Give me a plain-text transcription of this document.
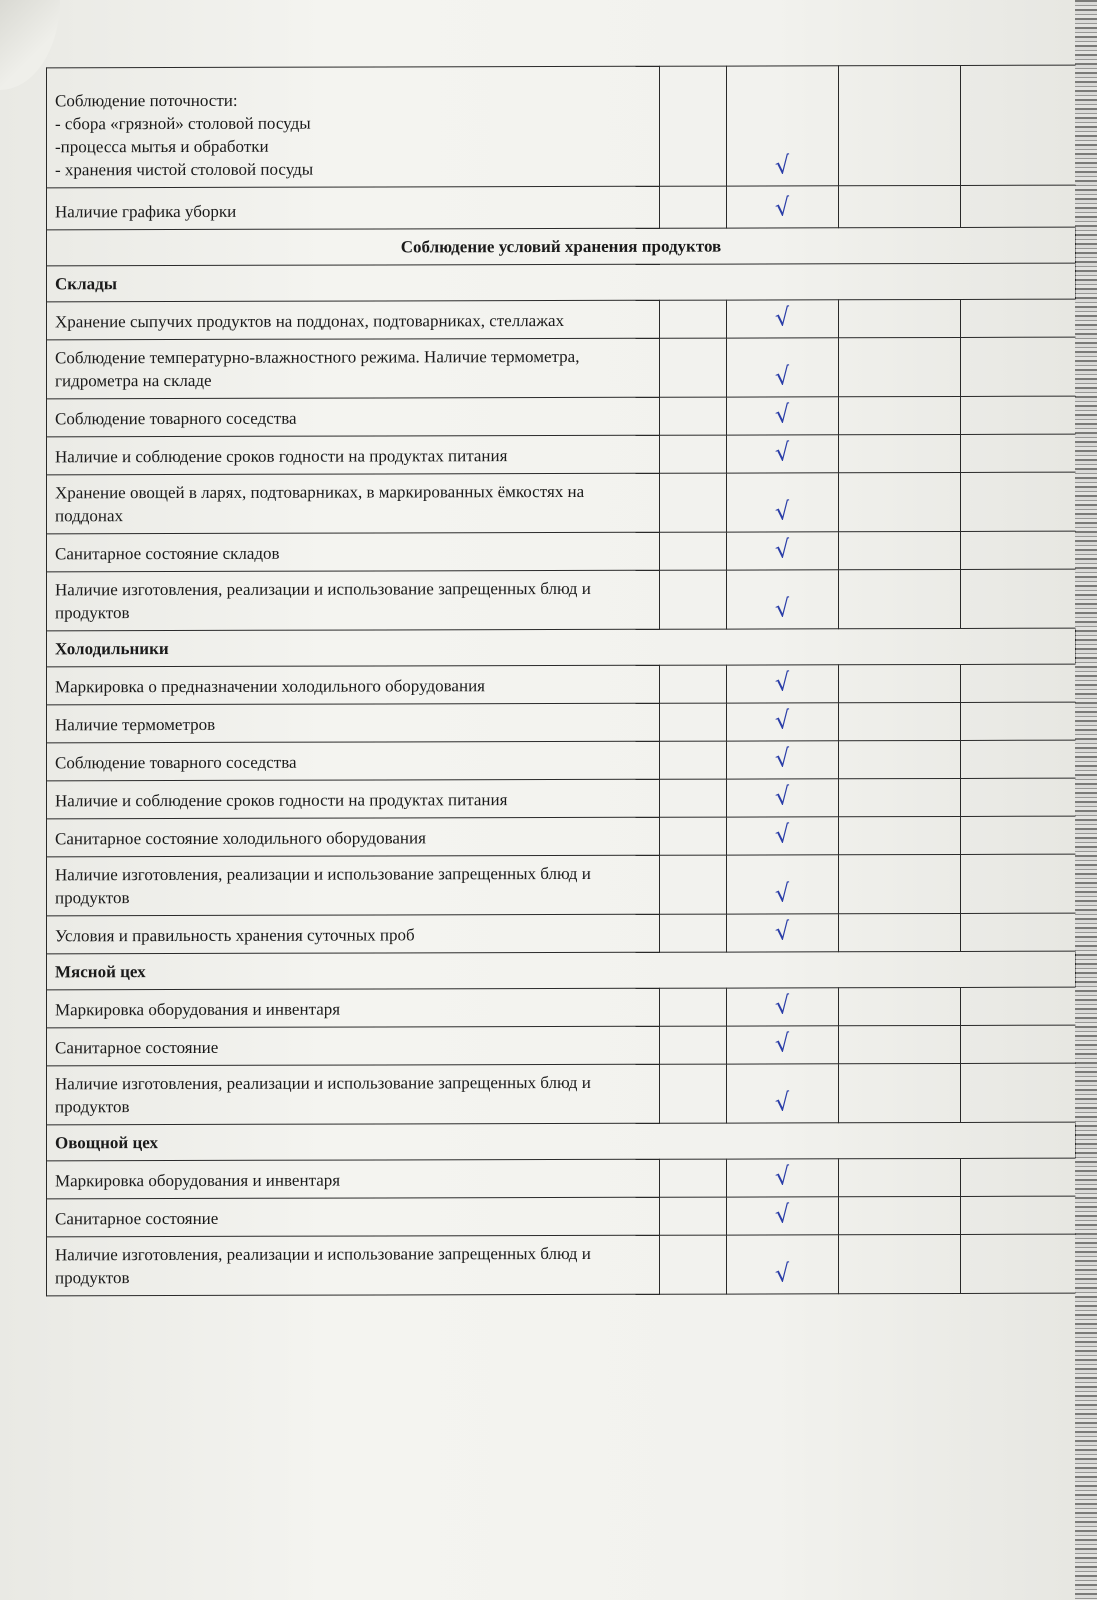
Соблюдение поточности:
- сбора «грязной» столовой посуды
-процесса мытья и обработки
- хранения чистой столовой посуды		√		
Наличие графика уборки		√		
Соблюдение условий хранения продуктов				
Склады				
Хранение сыпучих продуктов на поддонах, подтоварниках, стеллажах		√		
Соблюдение температурно-влажностного режима. Наличие термометра, гидрометра на складе		√		
Соблюдение товарного соседства		√		
Наличие и соблюдение сроков годности на продуктах питания		√		
Хранение овощей в ларях, подтоварниках, в маркированных ёмкостях на поддонах		√		
Санитарное состояние складов		√		
Наличие изготовления, реализации и использование запрещенных блюд и продуктов		√		
Холодильники				
Маркировка о предназначении холодильного оборудования		√		
Наличие термометров		√		
Соблюдение товарного соседства		√		
Наличие и соблюдение сроков годности на продуктах питания		√		
Санитарное состояние холодильного оборудования		√		
Наличие изготовления, реализации и использование запрещенных блюд и продуктов		√		
Условия и правильность хранения суточных проб		√		
Мясной цех				
Маркировка оборудования и инвентаря		√		
Санитарное состояние		√		
Наличие изготовления, реализации и использование запрещенных блюд и продуктов		√		
Овощной цех				
Маркировка оборудования и инвентаря		√		
Санитарное состояние		√		
Наличие изготовления, реализации и использование запрещенных блюд и продуктов		√		
